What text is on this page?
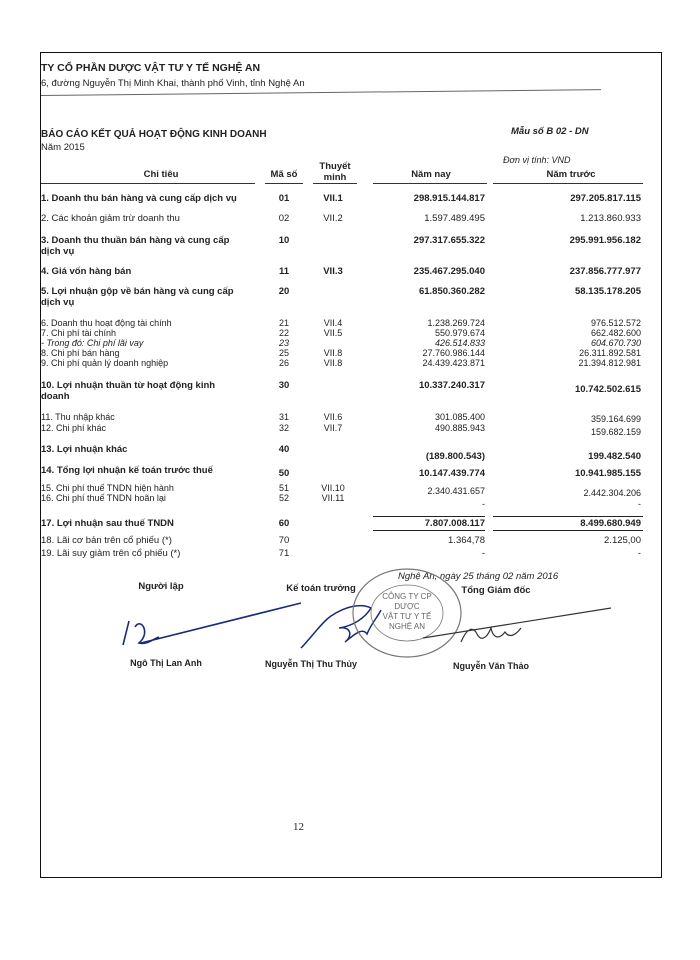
TY CỔ PHẦN DƯỢC VẬT TƯ Y TẾ NGHỆ AN
6, đường Nguyễn Thị Minh Khai, thành phố Vinh, tỉnh Nghệ An
BÁO CÁO KẾT QUẢ HOẠT ĐỘNG KINH DOANH
Năm 2015
Mẫu số B 02 - DN
Đơn vị tính: VND
Chỉ tiêu	Mã số
Thuyết minh	Năm nay	Năm trước
1. Doanh thu bán hàng và cung cấp dịch vụ	01	VII.1	298.915.144.817	297.205.817.115
2. Các khoản giảm trừ doanh thu	02	VII.2	1.597.489.495	1.213.860.933
3. Doanh thu thuần bán hàng và cung cấp dịch vụ
10	297.317.655.322	295.991.956.182
4. Giá vốn hàng bán	11	VII.3	235.467.295.040	237.856.777.977
5. Lợi nhuận gộp về bán hàng và cung cấp dịch vụ
20	61.850.360.282	58.135.178.205
6. Doanh thu hoạt động tài chính	21	VII.4	1.238.269.724	976.512.572
7. Chi phí tài chính	22	VII.5	550.979.674	662.482.600
- Trong đó: Chi phí lãi vay	23	426.514.833	604.670.730
8. Chi phí bán hàng	25	VII.8	27.760.986.144	26.311.892.581
9. Chi phí quản lý doanh nghiệp	26	VII.8	24.439.423.871	21.394.812.981
10. Lợi nhuận thuần từ hoạt động kinh doanh
30	10.337.240.317	10.742.502.615
11. Thu nhập khác	31	VII.6	301.085.400	359.164.699
12. Chi phí khác	32	VII.7	490.885.943	159.682.159
13. Lợi nhuận khác	40
(189.800.543)	199.482.540
14. Tổng lợi nhuận kế toán trước thuế	50	10.147.439.774	10.941.985.155
15. Chi phí thuế TNDN hiện hành	51	VII.10	2.340.431.657	2.442.304.206
16. Chi phí thuế TNDN hoãn lại	52	VII.11
-	-
17. Lợi nhuận sau thuế TNDN	60	7.807.008.117	8.499.680.949
18. Lãi cơ bản trên cổ phiếu (*)	70	1.364,78	2.125,00
19. Lãi suy giảm trên cổ phiếu (*)	71	-	-
Người lập	Kế toán trưởng
Nghệ An, ngày 25 tháng 02 năm 2016
Tổng Giám đốc
CÔNG TY CP
DƯỢC
VẬT TƯ Y TẾ
NGHỆ AN
Ngô Thị Lan Anh	Nguyễn Thị Thu Thủy	Nguyễn Văn Thảo
12
